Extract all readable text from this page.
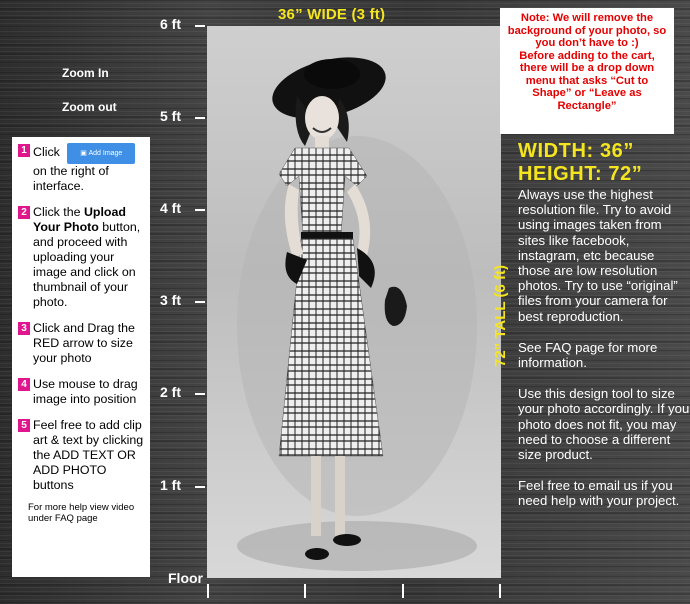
36” WIDE (3 ft)
Zoom In
Zoom out
6 ft
5 ft
4 ft
3 ft
2 ft
1 ft
Floor
72” TALL (6 ft)
1 Click	▣ Add Image on the right of interface.
2 Click the Upload Your Photo button, and proceed with uploading your image and click on thumbnail of your photo.
3 Click and Drag the RED arrow to size your photo
4 Use mouse to drag image into position
5 Feel free to add clip art & text by clicking the ADD TEXT OR ADD PHOTO buttons
For more help view video under FAQ page
Note: We will remove the background of your photo, so you don’t have to :)
Before adding to the cart, there will be a drop down menu that asks “Cut to Shape” or “Leave as Rectangle”
WIDTH: 36”
HEIGHT: 72”

Always use the highest resolution file. Try to avoid using images taken from sites like facebook, instagram, etc because those are low resolution photos. Try to use “original” files from your camera for best reproduction.

See FAQ page for more information.

Use this design tool to size your photo accordingly. If you photo does not fit, you may need to choose a different size product.

Feel free to email us if you need help with your project.
